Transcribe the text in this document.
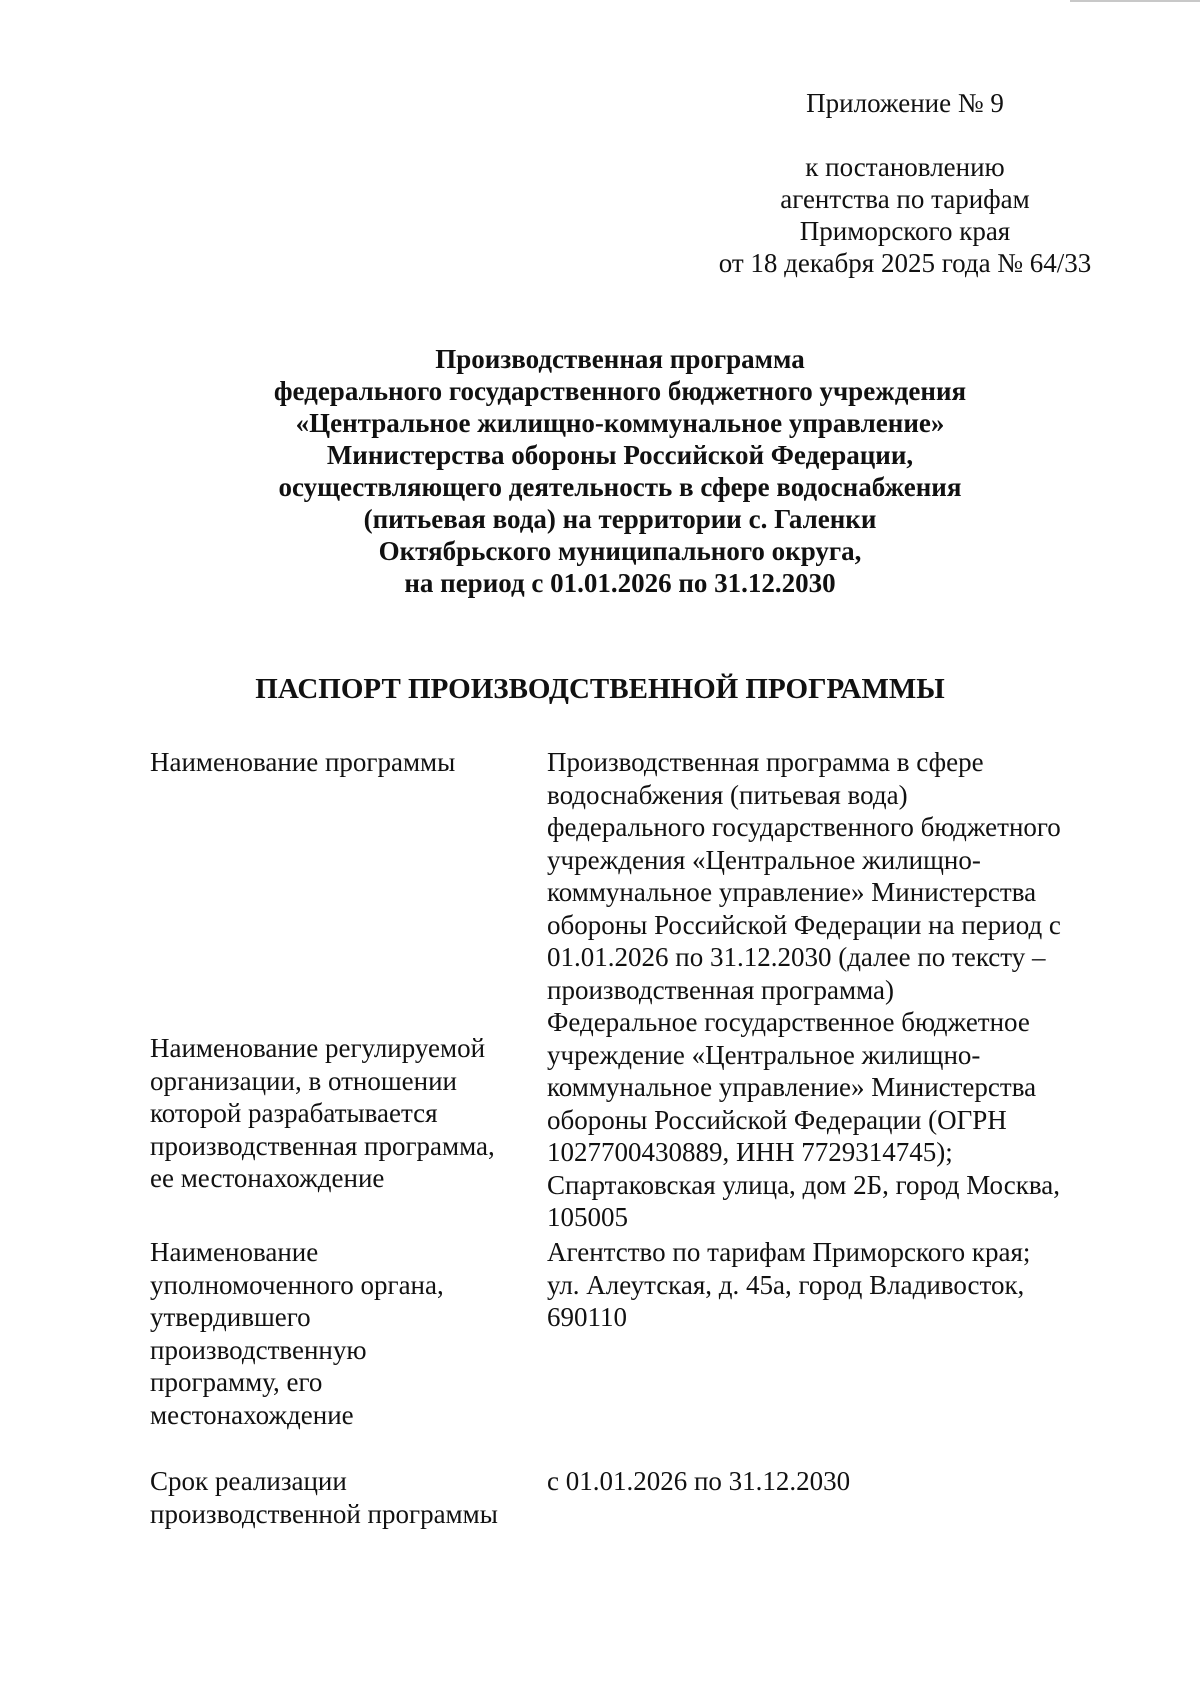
Приложение № 9
к постановлению
агентства по тарифам
Приморского края
от 18 декабря 2025 года № 64/33
Производственная программа
федерального государственного бюджетного учреждения
«Центральное жилищно-коммунальное управление»
Министерства обороны Российской Федерации,
осуществляющего деятельность в сфере водоснабжения
(питьевая вода) на территории с. Галенки
Октябрьского муниципального округа,
на период с 01.01.2026 по 31.12.2030
ПАСПОРТ ПРОИЗВОДСТВЕННОЙ ПРОГРАММЫ
Наименование программы	Производственная программа в сфере
водоснабжения (питьевая вода)
федерального государственного бюджетного
учреждения «Центральное жилищно-
коммунальное управление» Министерства
обороны Российской Федерации на период с
01.01.2026 по 31.12.2030 (далее по тексту –
производственная программа)
Наименование регулируемой
организации, в отношении
которой разрабатывается
производственная программа,
ее местонахождение
Федеральное государственное бюджетное
учреждение «Центральное жилищно-
коммунальное управление» Министерства
обороны Российской Федерации (ОГРН
1027700430889, ИНН 7729314745);
Спартаковская улица, дом 2Б, город Москва,
105005
Наименование
уполномоченного органа,
утвердившего
производственную
программу, его
местонахождение
Агентство по тарифам Приморского края;
ул. Алеутская, д. 45а, город Владивосток,
690110
Срок реализации
производственной программы
с 01.01.2026 по 31.12.2030
